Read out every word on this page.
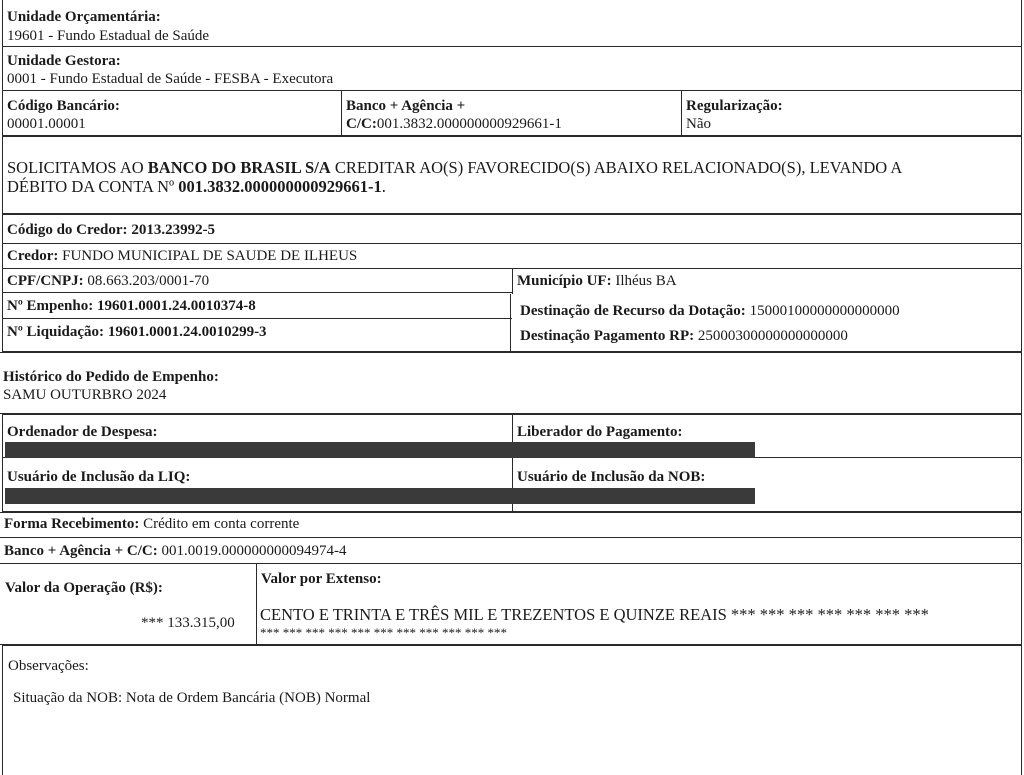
Unidade Orçamentária:
19601 - Fundo Estadual de Saúde
Unidade Gestora:
0001 - Fundo Estadual de Saúde - FESBA - Executora
Código Bancário:
00001.00001
Banco + Agência +
C/C:001.3832.000000000929661-1
Regularização:
Não
SOLICITAMOS AO BANCO DO BRASIL S/A CREDITAR AO(S) FAVORECIDO(S) ABAIXO RELACIONADO(S), LEVANDO A
DÉBITO DA CONTA Nº 001.3832.000000000929661-1.
Código do Credor: 2013.23992-5
Credor: FUNDO MUNICIPAL DE SAUDE DE ILHEUS
CPF/CNPJ: 08.663.203/0001-70	Município UF: Ilhéus BA
Nº Empenho: 19601.0001.24.0010374-8
Nº Liquidação: 19601.0001.24.0010299-3
Destinação de Recurso da Dotação: 15000100000000000000
Destinação Pagamento RP: 25000300000000000000
Histórico do Pedido de Empenho:
SAMU OUTURBRO 2024
Ordenador de Despesa:	Liberador do Pagamento:
Usuário de Inclusão da LIQ:	Usuário de Inclusão da NOB:
Forma Recebimento: Crédito em conta corrente
Banco + Agência + C/C: 001.0019.000000000094974-4
Valor da Operação (R$):
*** 133.315,00
Valor por Extenso:
CENTO E TRINTA E TRÊS MIL E TREZENTOS E QUINZE REAIS *** *** *** *** *** *** ***
*** *** *** *** *** *** *** *** *** *** ***
Observações:
Situação da NOB: Nota de Ordem Bancária (NOB) Normal
